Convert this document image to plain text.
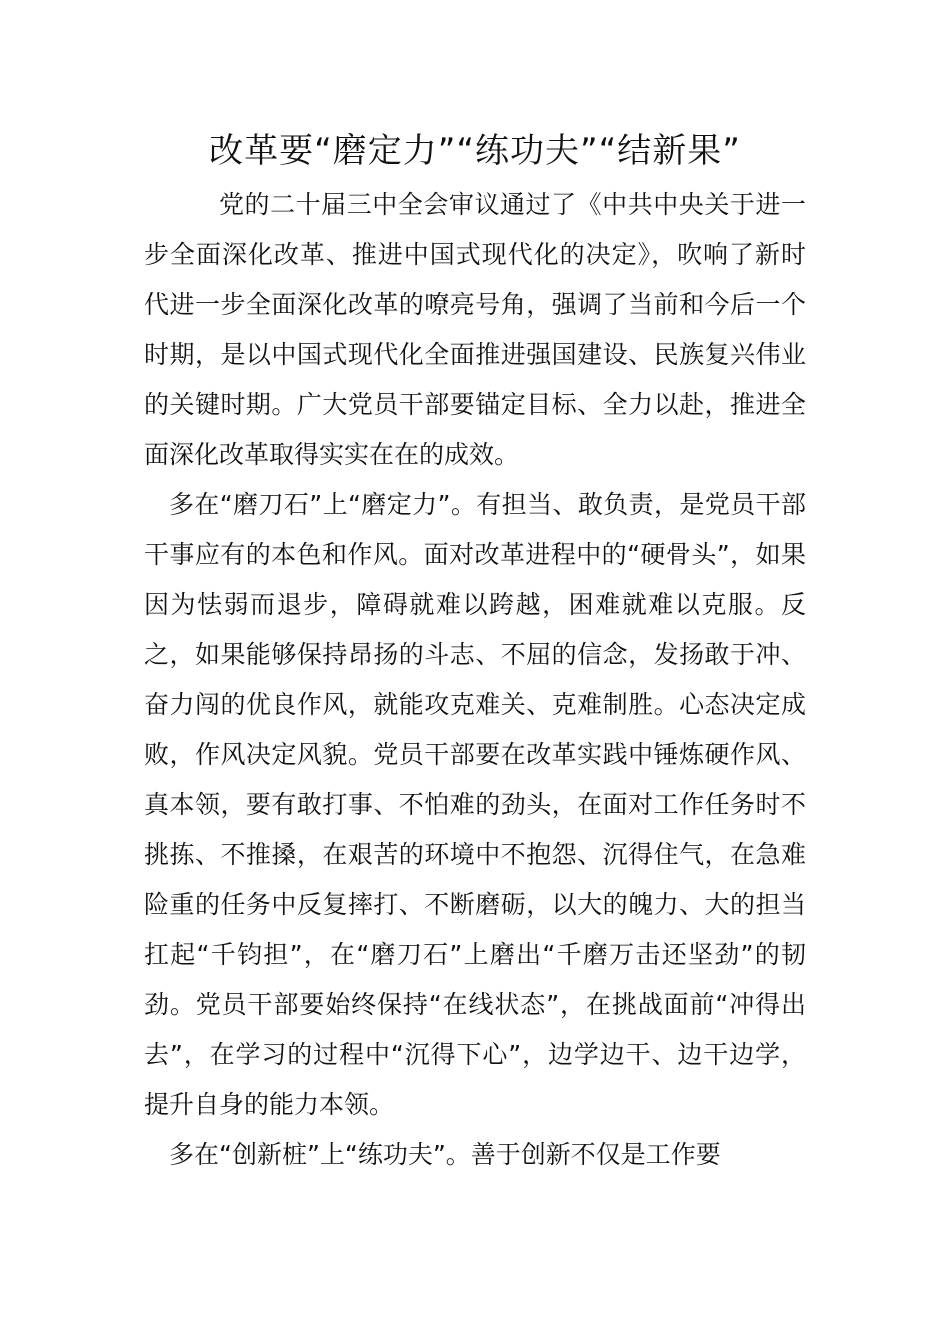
改革要“磨定力”“练功夫”“结新果”

党的二十届三中全会审议通过了《中共中央关于进一步全面深化改革、推进中国式现代化的决定》，吹响了新时代进一步全面深化改革的嘹亮号角，强调了当前和今后一个时期，是以中国式现代化全面推进强国建设、民族复兴伟业的关键时期。广大党员干部要锚定目标、全力以赴，推进全面深化改革取得实实在在的成效。

多在“磨刀石”上“磨定力”。有担当、敢负责，是党员干部干事应有的本色和作风。面对改革进程中的“硬骨头”，如果因为怯弱而退步，障碍就难以跨越，困难就难以克服。反之，如果能够保持昂扬的斗志、不屈的信念，发扬敢于冲、奋力闯的优良作风，就能攻克难关、克难制胜。心态决定成败，作风决定风貌。党员干部要在改革实践中锤炼硬作风、真本领，要有敢打事、不怕难的劲头，在面对工作任务时不挑拣、不推搡，在艰苦的环境中不抱怨、沉得住气，在急难险重的任务中反复摔打、不断磨砺，以大的魄力、大的担当扛起“千钧担”，在“磨刀石”上磨出“千磨万击还坚劲”的韧劲。党员干部要始终保持“在线状态”，在挑战面前“冲得出去”，在学习的过程中“沉得下心”，边学边干、边干边学，提升自身的能力本领。

多在“创新桩”上“练功夫”。善于创新不仅是工作要
